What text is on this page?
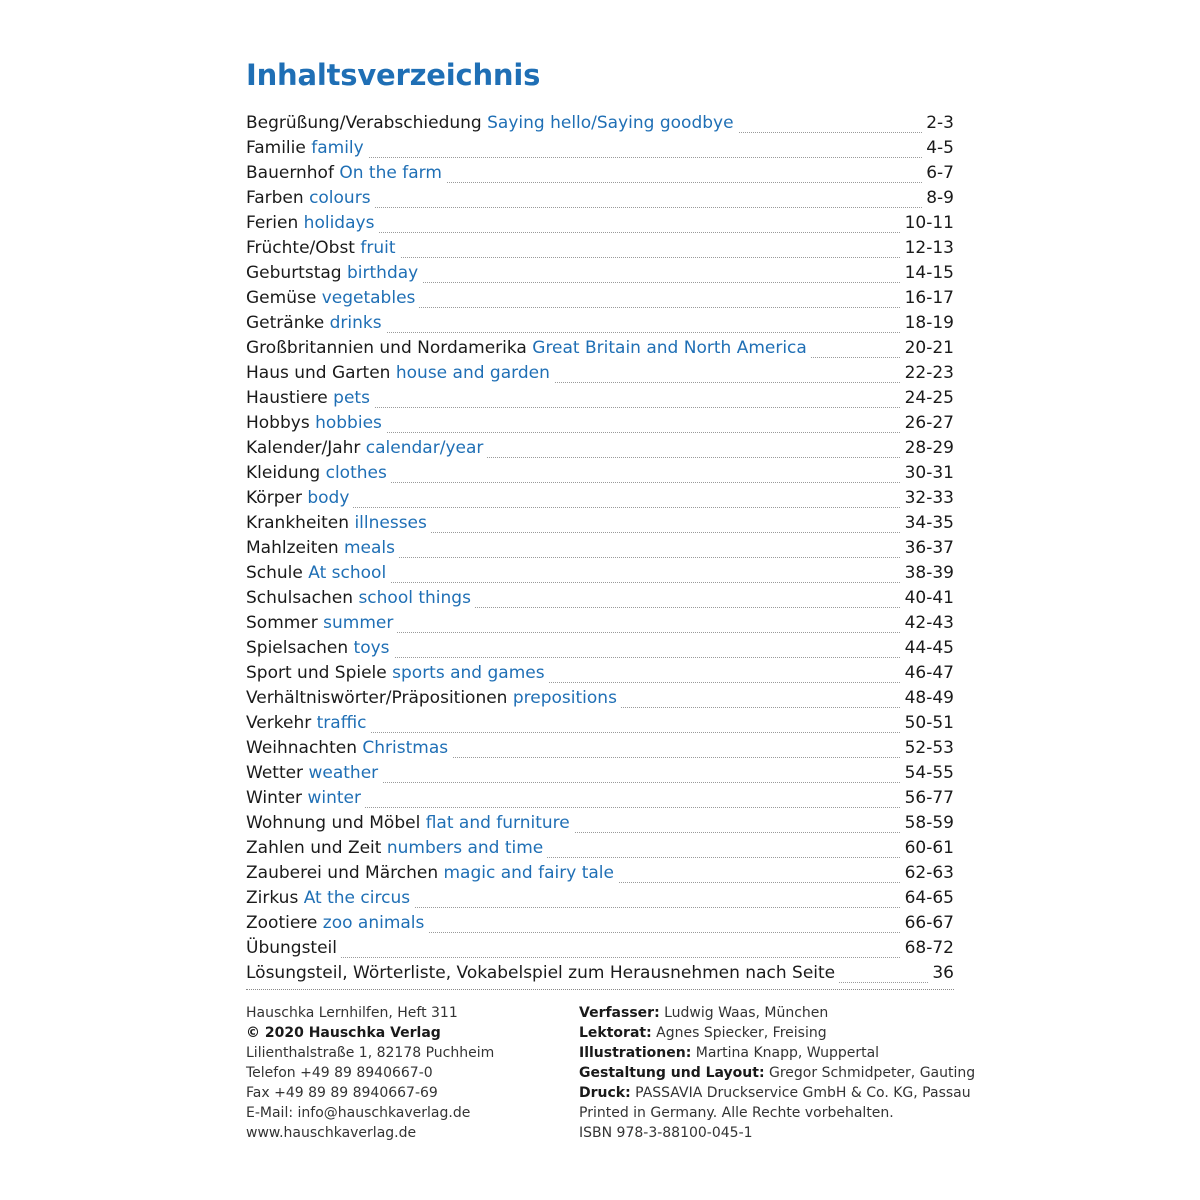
Inhaltsverzeichnis
Begrüßung/Verabschiedung Saying hello/Saying goodbye	2-3
Familie family	4-5
Bauernhof On the farm	6-7
Farben colours	8-9
Ferien holidays	10-11
Früchte/Obst fruit	12-13
Geburtstag birthday	14-15
Gemüse vegetables	16-17
Getränke drinks	18-19
Großbritannien und Nordamerika Great Britain and North America	20-21
Haus und Garten house and garden	22-23
Haustiere pets	24-25
Hobbys hobbies	26-27
Kalender/Jahr calendar/year	28-29
Kleidung clothes	30-31
Körper body	32-33
Krankheiten illnesses	34-35
Mahlzeiten meals	36-37
Schule At school	38-39
Schulsachen school things	40-41
Sommer summer	42-43
Spielsachen toys	44-45
Sport und Spiele sports and games	46-47
Verhältniswörter/Präpositionen prepositions	48-49
Verkehr traffic	50-51
Weihnachten Christmas	52-53
Wetter weather	54-55
Winter winter	56-77
Wohnung und Möbel flat and furniture	58-59
Zahlen und Zeit numbers and time	60-61
Zauberei und Märchen magic and fairy tale	62-63
Zirkus At the circus	64-65
Zootiere zoo animals	66-67
Übungsteil	68-72
Lösungsteil, Wörterliste, Vokabelspiel zum Herausnehmen nach Seite	36
Hauschka Lernhilfen, Heft 311
© 2020 Hauschka Verlag
Lilienthalstraße 1, 82178 Puchheim
Telefon +49 89 8940667-0
Fax +49 89 89 8940667-69
E-Mail: info@hauschkaverlag.de
www.hauschkaverlag.de
Verfasser: Ludwig Waas, München
Lektorat: Agnes Spiecker, Freising
Illustrationen: Martina Knapp, Wuppertal
Gestaltung und Layout: Gregor Schmidpeter, Gauting
Druck: PASSAVIA Druckservice GmbH & Co. KG, Passau
Printed in Germany. Alle Rechte vorbehalten.
ISBN 978-3-88100-045-1
